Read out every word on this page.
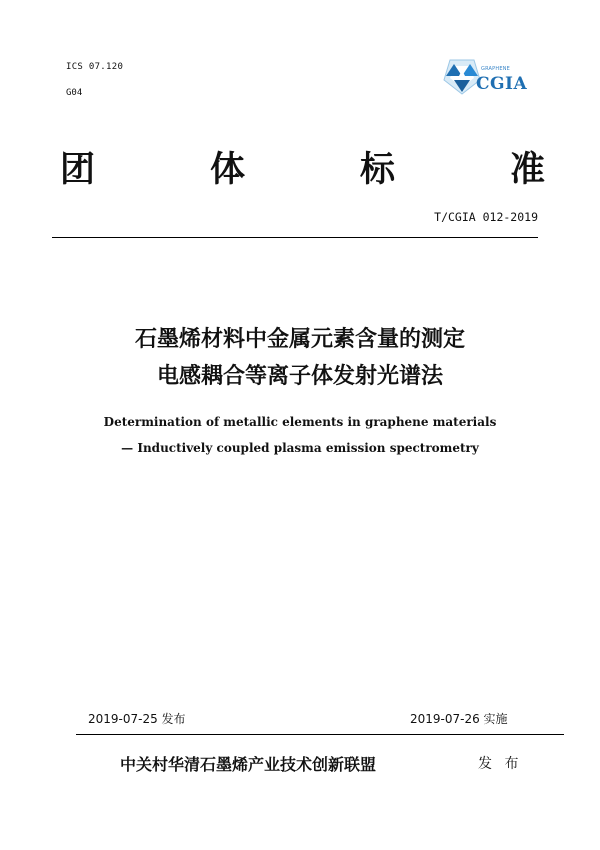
ICS 07.120
G04
GRAPHENE
CGIA
团	体	标	准
T/CGIA 012-2019
石墨烯材料中金属元素含量的测定
电感耦合等离子体发射光谱法
Determination of metallic elements in graphene materials
— Inductively coupled plasma emission spectrometry
2019-07-25 发布	2019-07-26 实施
中关村华清石墨烯产业技术创新联盟	发 布
